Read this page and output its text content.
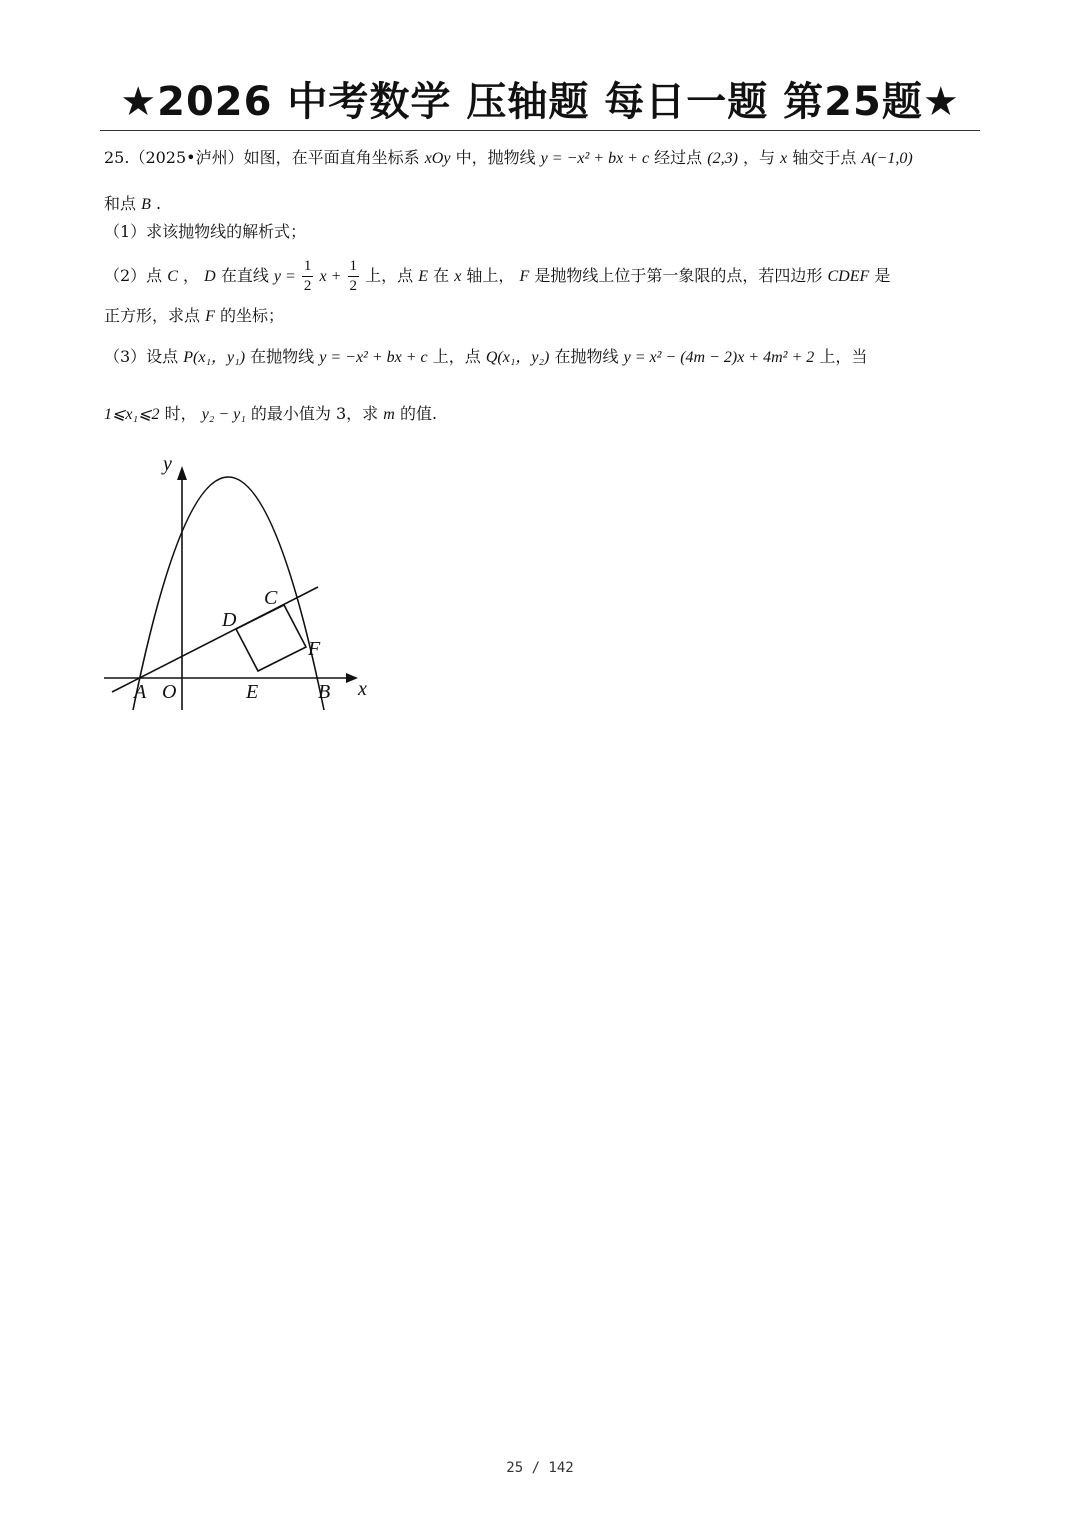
★2026 中考数学 压轴题 每日一题 第25题★
25.（2025•泸州）如图，在平面直角坐标系 xOy 中，抛物线 y = −x² + bx + c 经过点 (2,3) ，与 x 轴交于点 A(−1,0)
和点 B .
（1）求该抛物线的解析式；
（2）点 C ， D 在直线 $y = \frac{1}{2}$ $x + \frac{1}{2}$ 上，点 E 在 x 轴上， F 是抛物线上位于第一象限的点，若四边形 CDEF 是
正方形，求点 F 的坐标；
（3）设点 P(x₁，y₁) 在抛物线 y = −x² + bx + c 上，点 Q(x₁，y₂) 在抛物线 y = x² − (4m − 2)x + 4m² + 2 上，当
1⩽x₁⩽2 时， y₂ − y₁ 的最小值为 3，求 m 的值.
y
x
A O	E	B
C
D
F
25 / 142
